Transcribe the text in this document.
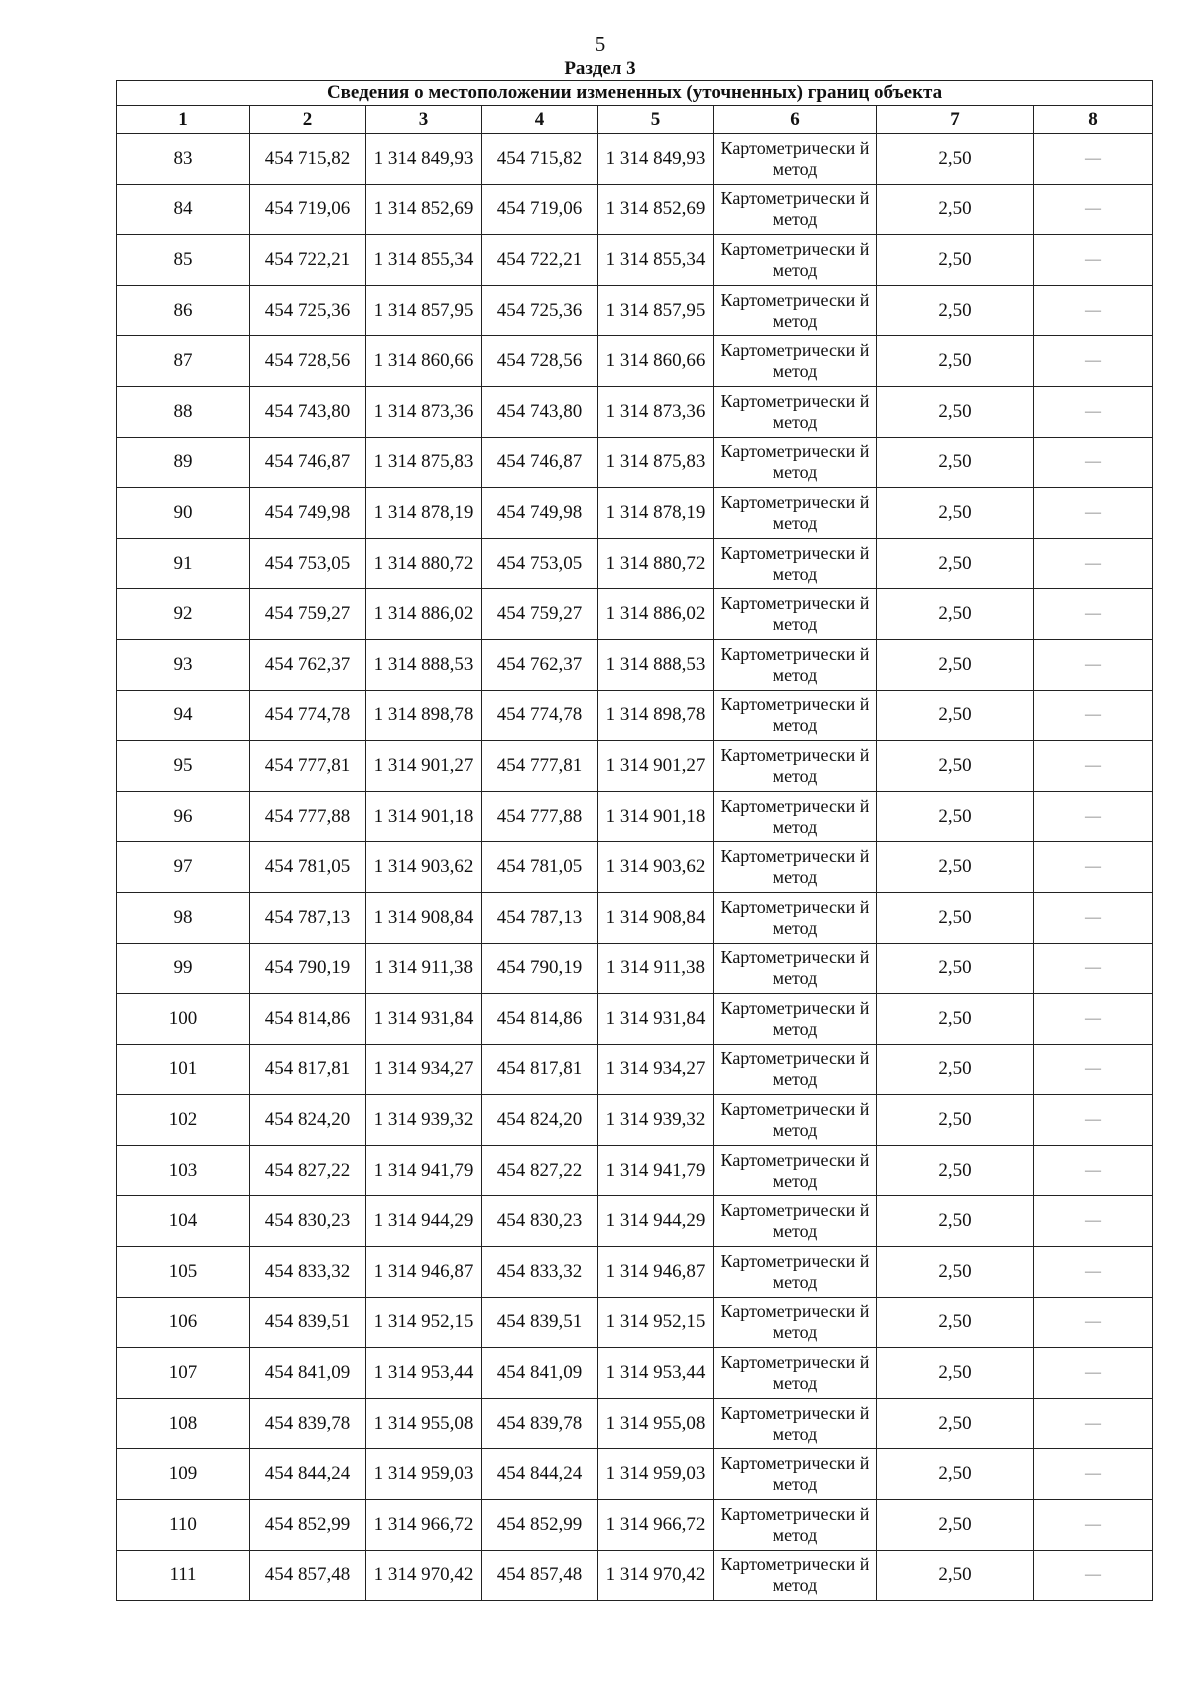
5
Раздел 3
Сведения о местоположении измененных (уточненных) границ объекта							
1	2	3	4	5	6	7	8
83	454 715,82	1 314 849,93	454 715,82	1 314 849,93	Картометрически й метод	2,50	—
84	454 719,06	1 314 852,69	454 719,06	1 314 852,69	Картометрически й метод	2,50	—
85	454 722,21	1 314 855,34	454 722,21	1 314 855,34	Картометрически й метод	2,50	—
86	454 725,36	1 314 857,95	454 725,36	1 314 857,95	Картометрически й метод	2,50	—
87	454 728,56	1 314 860,66	454 728,56	1 314 860,66	Картометрически й метод	2,50	—
88	454 743,80	1 314 873,36	454 743,80	1 314 873,36	Картометрически й метод	2,50	—
89	454 746,87	1 314 875,83	454 746,87	1 314 875,83	Картометрически й метод	2,50	—
90	454 749,98	1 314 878,19	454 749,98	1 314 878,19	Картометрически й метод	2,50	—
91	454 753,05	1 314 880,72	454 753,05	1 314 880,72	Картометрически й метод	2,50	—
92	454 759,27	1 314 886,02	454 759,27	1 314 886,02	Картометрически й метод	2,50	—
93	454 762,37	1 314 888,53	454 762,37	1 314 888,53	Картометрически й метод	2,50	—
94	454 774,78	1 314 898,78	454 774,78	1 314 898,78	Картометрически й метод	2,50	—
95	454 777,81	1 314 901,27	454 777,81	1 314 901,27	Картометрически й метод	2,50	—
96	454 777,88	1 314 901,18	454 777,88	1 314 901,18	Картометрически й метод	2,50	—
97	454 781,05	1 314 903,62	454 781,05	1 314 903,62	Картометрически й метод	2,50	—
98	454 787,13	1 314 908,84	454 787,13	1 314 908,84	Картометрически й метод	2,50	—
99	454 790,19	1 314 911,38	454 790,19	1 314 911,38	Картометрически й метод	2,50	—
100	454 814,86	1 314 931,84	454 814,86	1 314 931,84	Картометрически й метод	2,50	—
101	454 817,81	1 314 934,27	454 817,81	1 314 934,27	Картометрически й метод	2,50	—
102	454 824,20	1 314 939,32	454 824,20	1 314 939,32	Картометрически й метод	2,50	—
103	454 827,22	1 314 941,79	454 827,22	1 314 941,79	Картометрически й метод	2,50	—
104	454 830,23	1 314 944,29	454 830,23	1 314 944,29	Картометрически й метод	2,50	—
105	454 833,32	1 314 946,87	454 833,32	1 314 946,87	Картометрически й метод	2,50	—
106	454 839,51	1 314 952,15	454 839,51	1 314 952,15	Картометрически й метод	2,50	—
107	454 841,09	1 314 953,44	454 841,09	1 314 953,44	Картометрически й метод	2,50	—
108	454 839,78	1 314 955,08	454 839,78	1 314 955,08	Картометрически й метод	2,50	—
109	454 844,24	1 314 959,03	454 844,24	1 314 959,03	Картометрически й метод	2,50	—
110	454 852,99	1 314 966,72	454 852,99	1 314 966,72	Картометрически й метод	2,50	—
111	454 857,48	1 314 970,42	454 857,48	1 314 970,42	Картометрически й метод	2,50	—
